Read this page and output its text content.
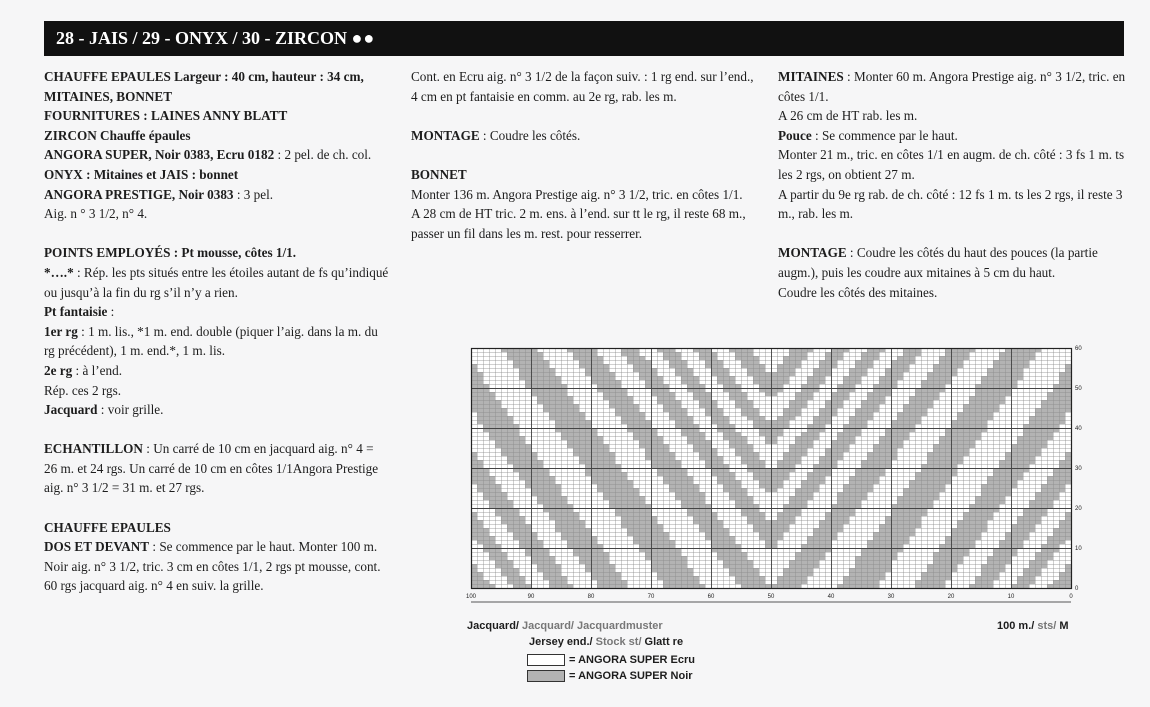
28 - JAIS / 29 - ONYX / 30 - ZIRCON ●●

CHAUFFE EPAULES Largeur : 40 cm, hauteur : 34 cm, MITAINES, BONNET

FOURNITURES : LAINES ANNY BLATT

ZIRCON Chauffe épaules

ANGORA SUPER, Noir 0383, Ecru 0182 : 2 pel. de ch. col.

ONYX : Mitaines et JAIS : bonnet

ANGORA PRESTIGE, Noir 0383 : 3 pel.

Aig. n ° 3 1/2, n° 4.

POINTS EMPLOYÉS : Pt mousse, côtes 1/1.

*….* : Rép. les pts situés entre les étoiles autant de fs qu’indiqué ou jusqu’à la fin du rg s’il n’y a rien.

Pt fantaisie :

1er rg : 1 m. lis., *1 m. end. double (piquer l’aig. dans la m. du rg précédent), 1 m. end.*, 1 m. lis.

2e rg : à l’end.

Rép. ces 2 rgs.

Jacquard : voir grille.

ECHANTILLON : Un carré de 10 cm en jacquard aig. n° 4 = 26 m. et 24 rgs. Un carré de 10 cm en côtes 1/1Angora Prestige aig. n° 3 1/2 = 31 m. et 27 rgs.

CHAUFFE EPAULES

DOS ET DEVANT : Se commence par le haut. Monter 100 m. Noir aig. n° 3 1/2, tric. 3 cm en côtes 1/1, 2 rgs pt mousse, cont. 60 rgs jacquard aig. n° 4 en suiv. la grille.

Cont. en Ecru aig. n° 3 1/2 de la façon suiv. : 1 rg end. sur l’end., 4 cm en pt fantaisie en comm. au 2e rg, rab. les m.

MONTAGE : Coudre les côtés.

BONNET

Monter 136 m. Angora Prestige aig. n° 3 1/2, tric. en côtes 1/1.

A 28 cm de HT tric. 2 m. ens. à l’end. sur tt le rg, il reste 68 m., passer un fil dans les m. rest. pour resserrer.

MITAINES : Monter 60 m. Angora Prestige aig. n° 3 1/2, tric. en côtes 1/1.

A 26 cm de HT rab. les m.

Pouce : Se commence par le haut.

Monter 21 m., tric. en côtes 1/1 en augm. de ch. côté : 3 fs 1 m. ts les 2 rgs, on obtient 27 m.

A partir du 9e rg rab. de ch. côté : 12 fs 1 m. ts les 2 rgs, il reste 3 m., rab. les m.

MONTAGE : Coudre les côtés du haut des pouces (la partie augm.), puis les coudre aux mitaines à 5 cm du haut.

Coudre les côtés des mitaines.

100	90	80	70	60	50	40	30	20	10	0
0
10
20
30
40
50
60
Jacquard/ Jacquard/ Jacquardmuster	100 m./ sts/ M
Jersey end./ Stock st/ Glatt re
= ANGORA SUPER Ecru
= ANGORA SUPER Noir
